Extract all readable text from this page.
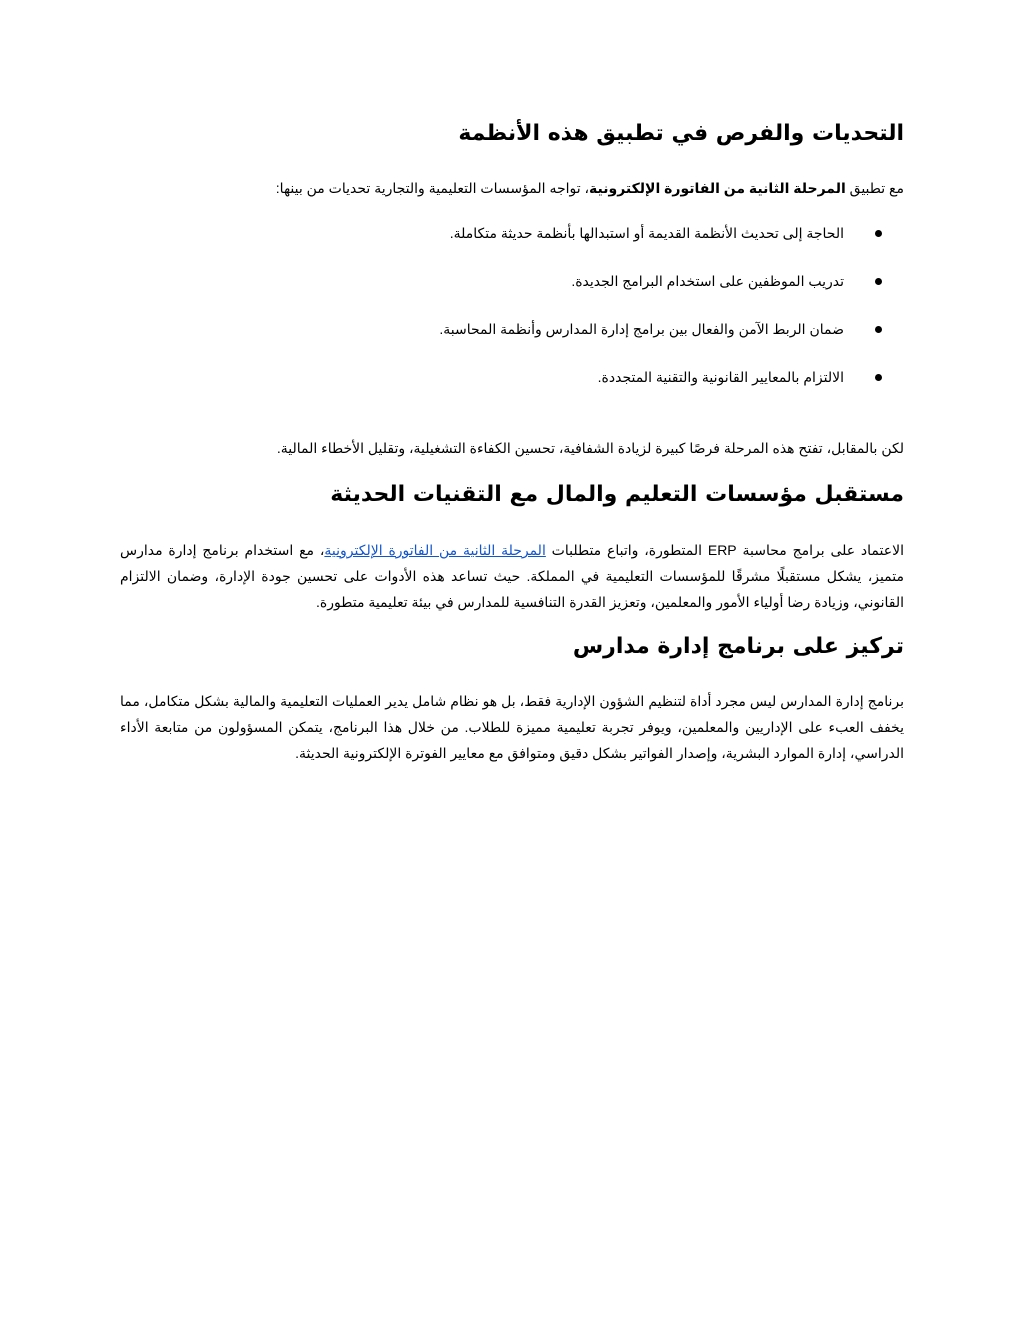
التحديات والفرص في تطبيق هذه الأنظمة

مع تطبيق المرحلة الثانية من الفاتورة الإلكترونية، تواجه المؤسسات التعليمية والتجارية تحديات من بينها:

الحاجة إلى تحديث الأنظمة القديمة أو استبدالها بأنظمة حديثة متكاملة.
تدريب الموظفين على استخدام البرامج الجديدة.
ضمان الربط الآمن والفعال بين برامج إدارة المدارس وأنظمة المحاسبة.
الالتزام بالمعايير القانونية والتقنية المتجددة.

لكن بالمقابل، تفتح هذه المرحلة فرصًا كبيرة لزيادة الشفافية، تحسين الكفاءة التشغيلية، وتقليل الأخطاء المالية.

مستقبل مؤسسات التعليم والمال مع التقنيات الحديثة

الاعتماد على برامج محاسبة ERP المتطورة، واتباع متطلبات المرحلة الثانية من الفاتورة الإلكترونية، مع استخدام برنامج إدارة مدارس متميز، يشكل مستقبلًا مشرقًا للمؤسسات التعليمية في المملكة. حيث تساعد هذه الأدوات على تحسين جودة الإدارة، وضمان الالتزام القانوني، وزيادة رضا أولياء الأمور والمعلمين، وتعزيز القدرة التنافسية للمدارس في بيئة تعليمية متطورة.

تركيز على برنامج إدارة مدارس

برنامج إدارة المدارس ليس مجرد أداة لتنظيم الشؤون الإدارية فقط، بل هو نظام شامل يدير العمليات التعليمية والمالية بشكل متكامل، مما يخفف العبء على الإداريين والمعلمين، ويوفر تجربة تعليمية مميزة للطلاب. من خلال هذا البرنامج، يتمكن المسؤولون من متابعة الأداء الدراسي، إدارة الموارد البشرية، وإصدار الفواتير بشكل دقيق ومتوافق مع معايير الفوترة الإلكترونية الحديثة.
